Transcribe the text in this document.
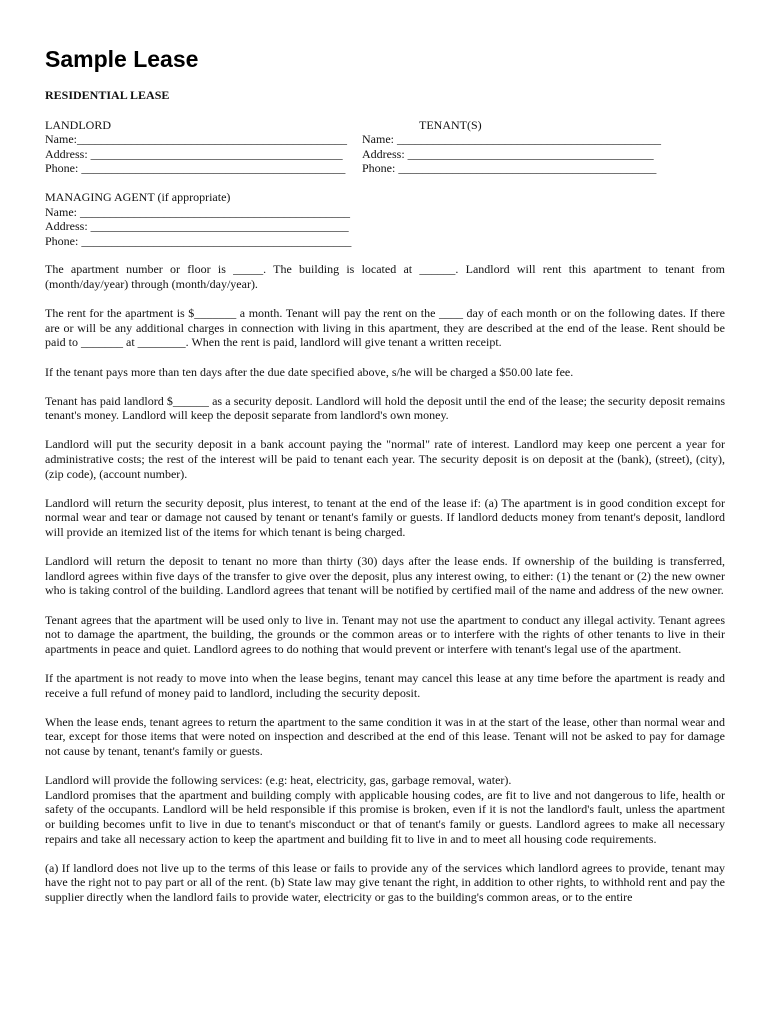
Sample Lease
RESIDENTIAL LEASE
LANDLORD
Name:_____________________________________________
Address: __________________________________________
Phone: ____________________________________________
TENANT(S)
Name: ____________________________________________
Address: _________________________________________
Phone: ___________________________________________
MANAGING AGENT (if appropriate)
Name: _____________________________________________
Address: ___________________________________________
Phone: _____________________________________________

The apartment number or floor is _____. The building is located at ______. Landlord will rent this apartment to tenant from (month/day/year) through (month/day/year).

The rent for the apartment is $_______ a month. Tenant will pay the rent on the ____ day of each month or on the following dates. If there are or will be any additional charges in connection with living in this apartment, they are described at the end of the lease. Rent should be paid to _______ at ________. When the rent is paid, landlord will give tenant a written receipt.

If the tenant pays more than ten days after the due date specified above, s/he will be charged a $50.00 late fee.

Tenant has paid landlord $______ as a security deposit. Landlord will hold the deposit until the end of the lease; the security deposit remains tenant's money. Landlord will keep the deposit separate from landlord's own money.

Landlord will put the security deposit in a bank account paying the "normal" rate of interest. Landlord may keep one percent a year for administrative costs; the rest of the interest will be paid to tenant each year. The security deposit is on deposit at the (bank), (street), (city), (zip code), (account number).

Landlord will return the security deposit, plus interest, to tenant at the end of the lease if: (a) The apartment is in good condition except for normal wear and tear or damage not caused by tenant or tenant's family or guests. If landlord deducts money from tenant's deposit, landlord will provide an itemized list of the items for which tenant is being charged.

Landlord will return the deposit to tenant no more than thirty (30) days after the lease ends. If ownership of the building is transferred, landlord agrees within five days of the transfer to give over the deposit, plus any interest owing, to either: (1) the tenant or (2) the new owner who is taking control of the building. Landlord agrees that tenant will be notified by certified mail of the name and address of the new owner.

Tenant agrees that the apartment will be used only to live in. Tenant may not use the apartment to conduct any illegal activity. Tenant agrees not to damage the apartment, the building, the grounds or the common areas or to interfere with the rights of other tenants to live in their apartments in peace and quiet. Landlord agrees to do nothing that would prevent or interfere with tenant's legal use of the apartment.

If the apartment is not ready to move into when the lease begins, tenant may cancel this lease at any time before the apartment is ready and receive a full refund of money paid to landlord, including the security deposit.

When the lease ends, tenant agrees to return the apartment to the same condition it was in at the start of the lease, other than normal wear and tear, except for those items that were noted on inspection and described at the end of this lease. Tenant will not be asked to pay for damage not cause by tenant, tenant's family or guests.

Landlord will provide the following services: (e.g: heat, electricity, gas, garbage removal, water).

Landlord promises that the apartment and building comply with applicable housing codes, are fit to live and not dangerous to life, health or safety of the occupants. Landlord will be held responsible if this promise is broken, even if it is not the landlord's fault, unless the apartment or building becomes unfit to live in due to tenant's misconduct or that of tenant's family or guests. Landlord agrees to make all necessary repairs and take all necessary action to keep the apartment and building fit to live in and to meet all housing code requirements.

(a) If landlord does not live up to the terms of this lease or fails to provide any of the services which landlord agrees to provide, tenant may have the right not to pay part or all of the rent. (b) State law may give tenant the right, in addition to other rights, to withhold rent and pay the supplier directly when the landlord fails to provide water, electricity or gas to the building's common areas, or to the entire
